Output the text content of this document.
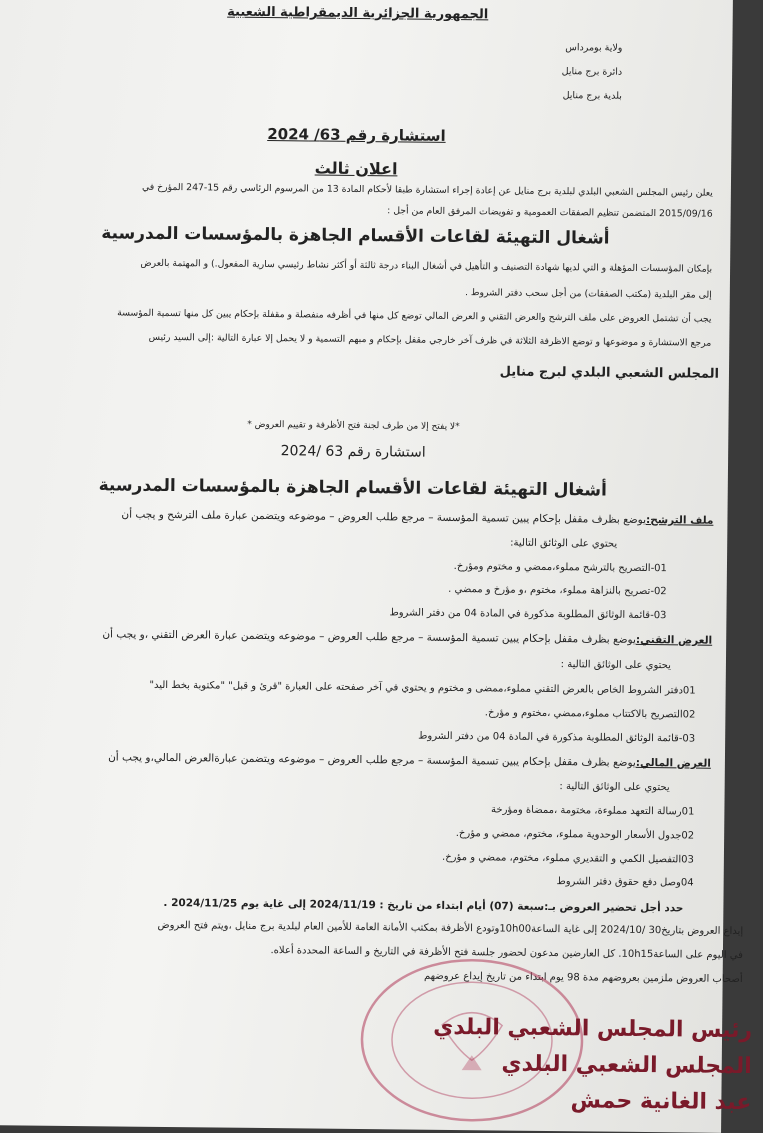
الجمهورية الجزائرية الديمقراطية الشعبية
ولاية بومرداس
دائرة برج منايل
بلدية برج منايل
استشارة رقم 63/ 2024
اعلان ثالث
يعلن رئيس المجلس الشعبي البلدي لبلدية برج منايل عن إعادة إجراء استشارة طبقا لأحكام المادة 13 من المرسوم الرئاسي رقم 15-247 المؤرخ في
2015/09/16 المتضمن تنظيم الصفقات العمومية و تفويضات المرفق العام من أجل :
أشغال التهيئة لقاعات الأقسام الجاهزة بالمؤسسات المدرسية
بإمكان المؤسسات المؤهلة و التي لديها شهادة التصنيف و التأهيل في أشغال البناء درجة ثالثة أو أكثر نشاط رئيسي سارية المفعول.) و المهتمة بالعرض
إلى مقر البلدية (مكتب الصفقات) من أجل سحب دفتر الشروط .
يجب أن تشتمل العروض على ملف الترشح والعرض التقني و العرض المالي توضع كل منها في أظرفه منفصلة و مقفلة بإحكام يبين كل منها تسمية المؤسسة
مرجع الاستشارة و موضوعها و توضع الاظرفة الثلاثة في ظرف آخر خارجي مقفل بإحكام و مبهم التسمية و لا يحمل إلا عبارة التالية :إلى السيد رئيس
المجلس الشعبي البلدي لبرج منايل
*لا يفتح إلا من طرف لجنة فتح الأظرفة و تقييم العروض *
استشارة رقم 63 /2024
أشغال التهيئة لقاعات الأقسام الجاهزة بالمؤسسات المدرسية
ملف الترشح:يوضع بظرف مقفل بإحكام يبين تسمية المؤسسة – مرجع طلب العروض – موضوعه ويتضمن عبارة ملف الترشح و يجب أن
يحتوي على الوثائق التالية:
01-التصريح بالترشح مملوء،ممضي و مختوم ومؤرخ.
02-تصريح بالنزاهة مملوء، مختوم ،و مؤرخ و ممضي .
03-قائمة الوثائق المطلوبة مذكورة في المادة 04 من دفتر الشروط
العرض التقني:يوضع بظرف مقفل بإحكام يبين تسمية المؤسسة – مرجع طلب العروض – موضوعه ويتضمن عبارة العرض التقني ،و يجب أن
يحتوي على الوثائق التالية :
01دفتر الشروط الخاص بالعرض التقني مملوء،ممضى و مختوم و يحتوي في آخر صفحته على العبارة "قرئ و قبل" "مكتوبة بخط اليد"
02التصريح بالاكتتاب مملوء،ممضي ،مختوم و مؤرخ.
03-قائمة الوثائق المطلوبة مذكورة في المادة 04 من دفتر الشروط
العرض المالي:يوضع بظرف مقفل بإحكام يبين تسمية المؤسسة – مرجع طلب العروض – موضوعه ويتضمن عبارةالعرض المالي،و يجب أن
يحتوي على الوثائق التالية :
01رسالة التعهد مملوءة، مختومة ،ممضاة ومؤرخة
02جدول الأسعار الوحدوية مملوء، مختوم، ممضي و مؤرخ.
03التفصيل الكمي و التقديري مملوء، مختوم، ممضي و مؤرخ.
04وصل دفع حقوق دفتر الشروط
حدد أجل تحضير العروض بـ:سبعة (07) أيام ابتداء من تاريخ : 2024/11/19 إلى غاية يوم 2024/11/25 .
إيداع العروض بتاريخ30 /2024/10 إلى غاية الساعة10h00وتودع الأظرفة بمكتب الأمانة العامة للأمين العام لبلدية برج منايل ،ويتم فتح العروض
في اليوم على الساعة10h15. كل العارضين مدعون لحضور جلسة فتح الأظرفة في التاريخ و الساعة المحددة أعلاه.
أصحاب العروض ملزمين بعروضهم مدة 98 يوم ابتداء من تاريخ إيداع عروضهم
رئيس المجلس الشعبي البلدي
المجلس الشعبي البلدي
عبد الغانية حمش
